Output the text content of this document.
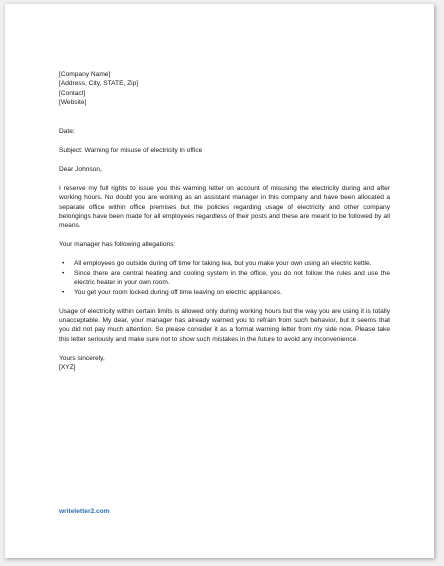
[Company Name]
[Address, City, STATE, Zip]
[Contact]
[Website]

Date:

Subject: Warning for misuse of electricity in office

Dear Johnson,

I reserve my full rights to issue you this warning letter on account of misusing the electricity during and after working hours. No doubt you are working as an assistant manager in this company and have been allocated a separate office within office premises but the policies regarding usage of electricity and other company belongings have been made for all employees regardless of their posts and these are meant to be followed by all means.

Your manager has following allegations:

• All employees go outside during off time for taking tea, but you make your own using an electric kettle.
• Since there are central heating and cooling system in the office, you do not follow the rules and use the electric heater in your own room.
• You get your room locked during off time leaving on electric appliances.

Usage of electricity within certain limits is allowed only during working hours but the way you are using it is totally unacceptable. My dear, your manager has already warned you to refrain from such behavior, but it seems that you did not pay much attention. So please consider it as a formal warning letter from my side now. Please take this letter seriously and make sure not to show such mistakes in the future to avoid any inconvenience.

Yours sincerely,

[XYZ]

writeletter2.com
